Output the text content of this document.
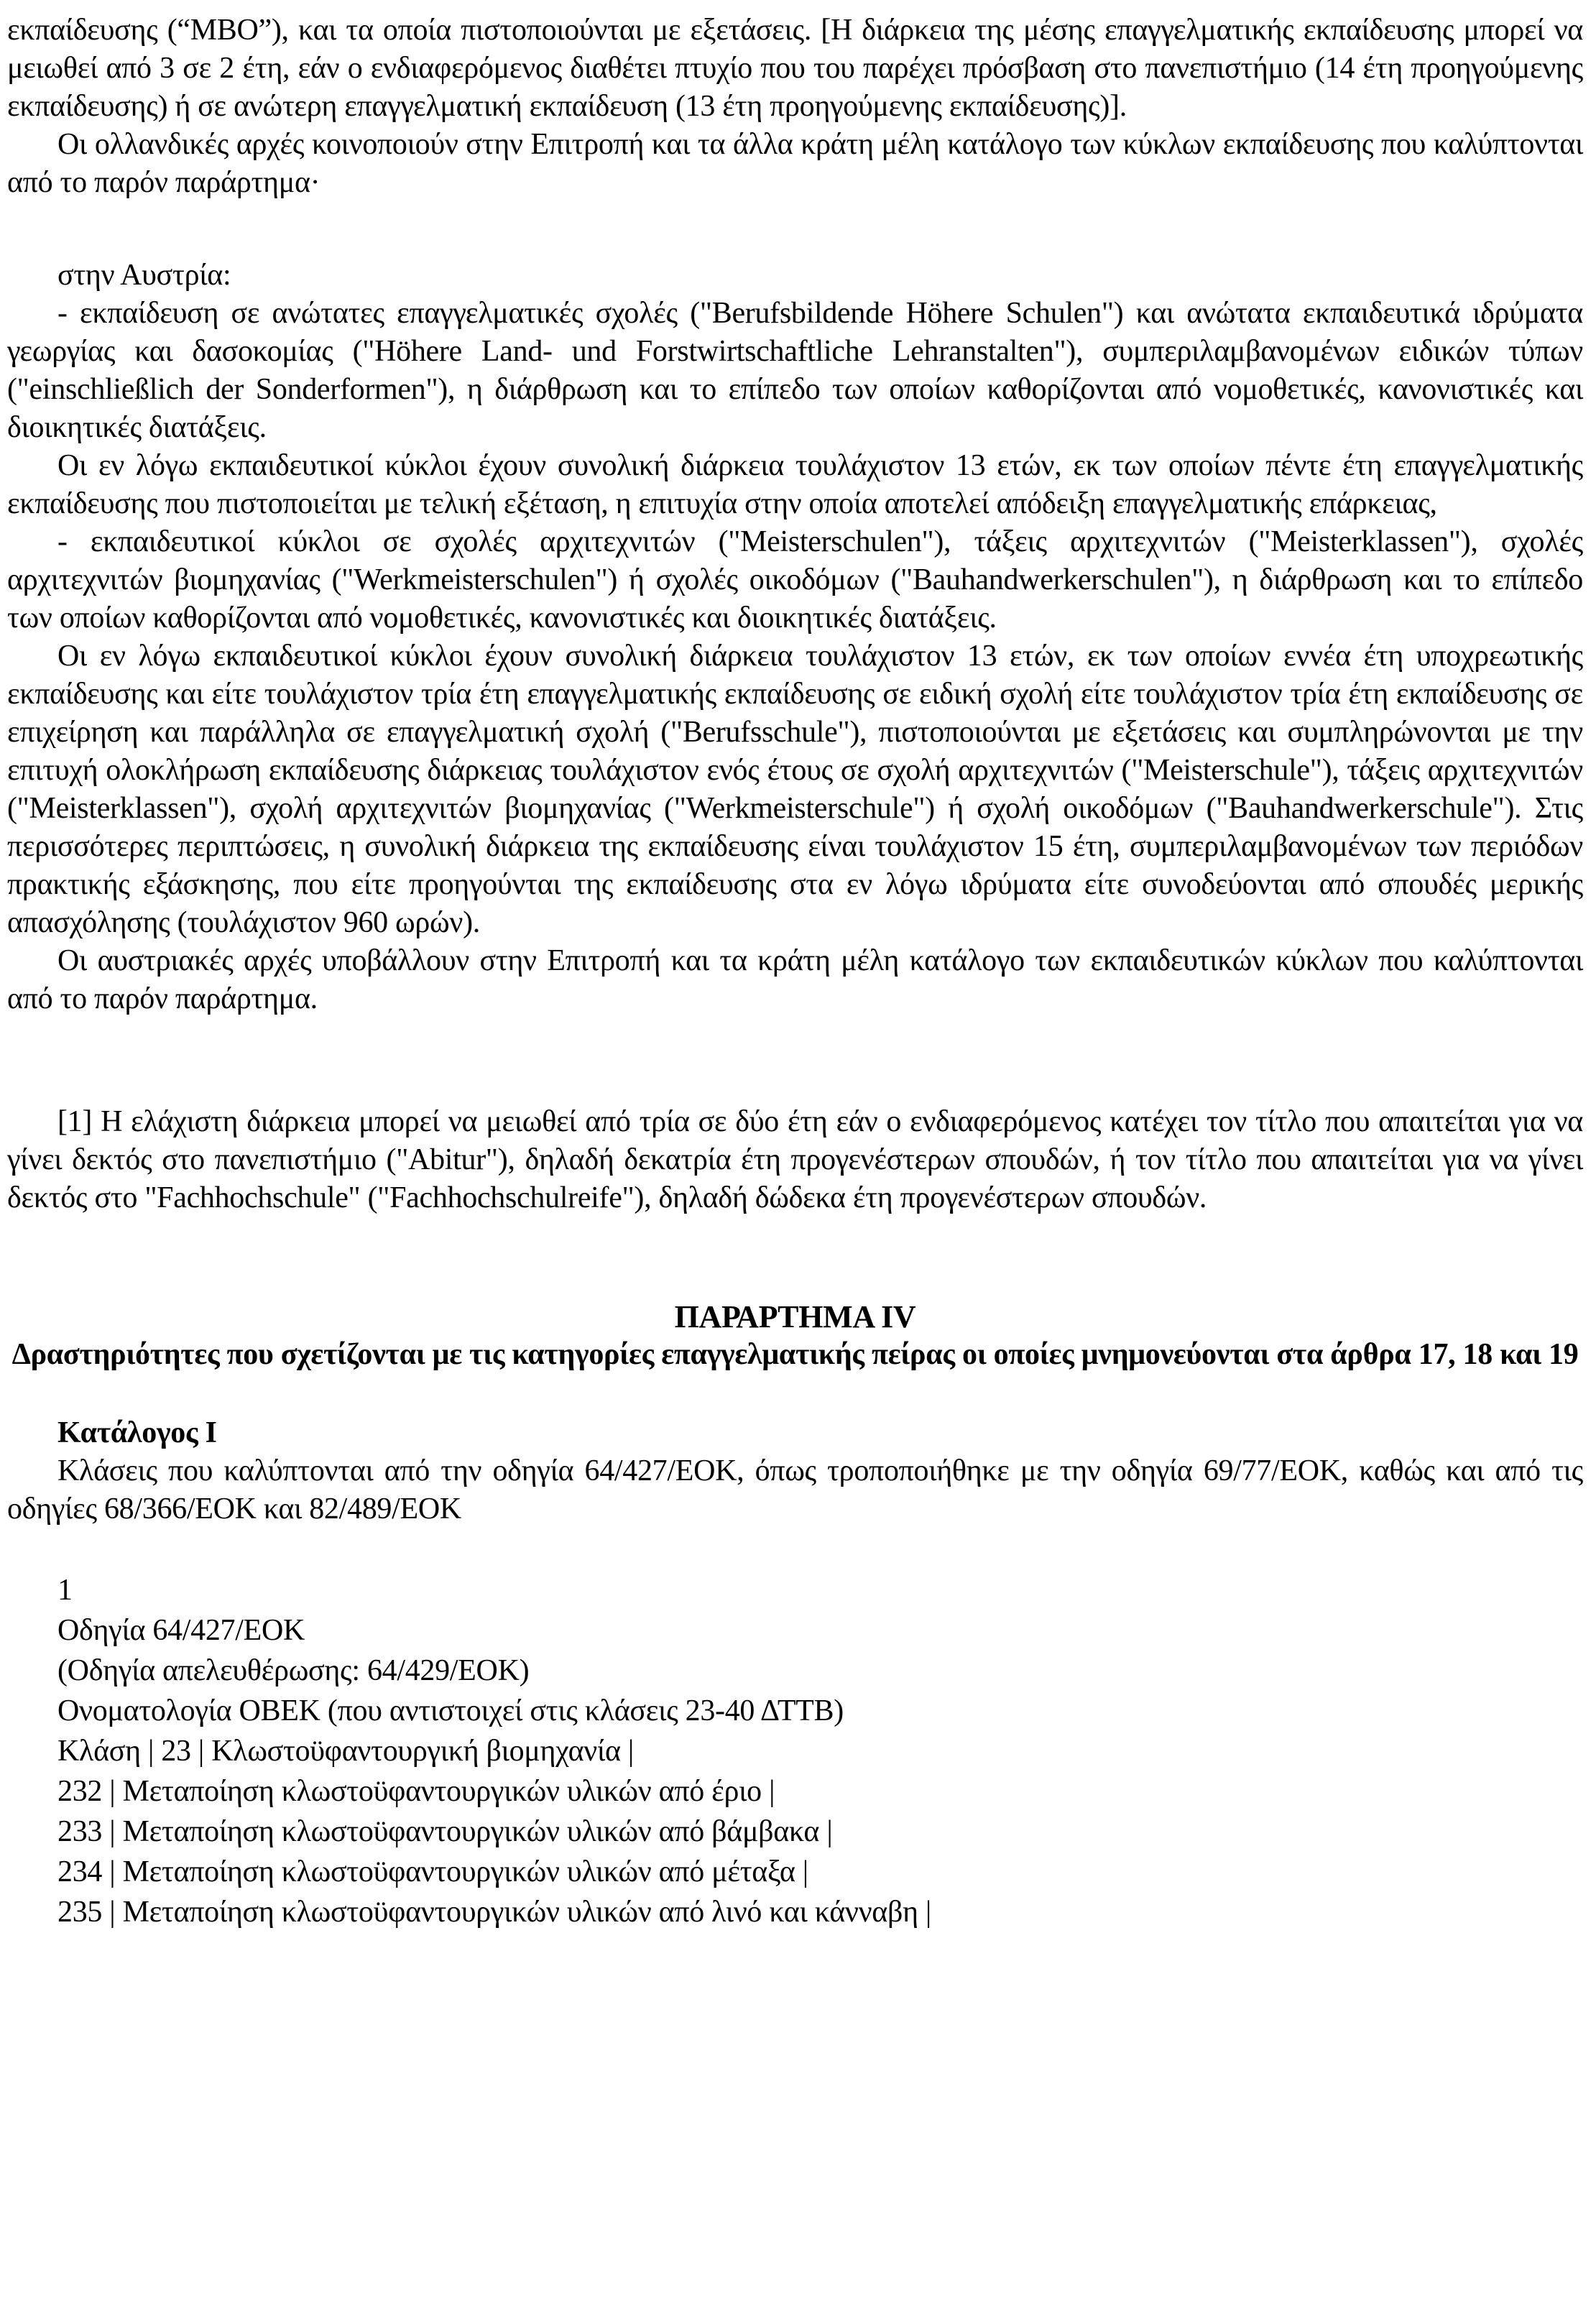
εκπαίδευσης (“MBO”), και τα οποία πιστοποιούνται με εξετάσεις. [Η διάρκεια της μέσης επαγγελματικής εκπαίδευσης μπορεί να μειωθεί από 3 σε 2 έτη, εάν ο ενδιαφερόμενος διαθέτει πτυχίο που του παρέχει πρόσβαση στο πανεπιστήμιο (14 έτη προηγούμενης εκπαίδευσης) ή σε ανώτερη επαγγελματική εκπαίδευση (13 έτη προηγούμενης εκπαίδευσης)].

Οι ολλανδικές αρχές κοινοποιούν στην Επιτροπή και τα άλλα κράτη μέλη κατάλογο των κύκλων εκπαίδευσης που καλύπτονται από το παρόν παράρτημα·

στην Αυστρία:

- εκπαίδευση σε ανώτατες επαγγελματικές σχολές ("Berufsbildende Höhere Schulen") και ανώτατα εκπαιδευτικά ιδρύματα γεωργίας και δασοκομίας ("Höhere Land- und Forstwirtschaftliche Lehranstalten"), συμπεριλαμβανομένων ειδικών τύπων ("einschließlich der Sonderformen"), η διάρθρωση και το επίπεδο των οποίων καθορίζονται από νομοθετικές, κανονιστικές και διοικητικές διατάξεις.

Οι εν λόγω εκπαιδευτικοί κύκλοι έχουν συνολική διάρκεια τουλάχιστον 13 ετών, εκ των οποίων πέντε έτη επαγγελματικής εκπαίδευσης που πιστοποιείται με τελική εξέταση, η επιτυχία στην οποία αποτελεί απόδειξη επαγγελματικής επάρκειας,

- εκπαιδευτικοί κύκλοι σε σχολές αρχιτεχνιτών ("Meisterschulen"), τάξεις αρχιτεχνιτών ("Meisterklassen"), σχολές αρχιτεχνιτών βιομηχανίας ("Werkmeisterschulen") ή σχολές οικοδόμων ("Bauhandwerkerschulen"), η διάρθρωση και το επίπεδο των οποίων καθορίζονται από νομοθετικές, κανονιστικές και διοικητικές διατάξεις.

Οι εν λόγω εκπαιδευτικοί κύκλοι έχουν συνολική διάρκεια τουλάχιστον 13 ετών, εκ των οποίων εννέα έτη υποχρεωτικής εκπαίδευσης και είτε τουλάχιστον τρία έτη επαγγελματικής εκπαίδευσης σε ειδική σχολή είτε τουλάχιστον τρία έτη εκπαίδευσης σε επιχείρηση και παράλληλα σε επαγγελματική σχολή ("Berufsschule"), πιστοποιούνται με εξετάσεις και συμπληρώνονται με την επιτυχή ολοκλήρωση εκπαίδευσης διάρκειας τουλάχιστον ενός έτους σε σχολή αρχιτεχνιτών ("Meisterschule"), τάξεις αρχιτεχνιτών ("Meisterklassen"), σχολή αρχιτεχνιτών βιομηχανίας ("Werkmeisterschule") ή σχολή οικοδόμων ("Bauhandwerkerschule"). Στις περισσότερες περιπτώσεις, η συνολική διάρκεια της εκπαίδευσης είναι τουλάχιστον 15 έτη, συμπεριλαμβανομένων των περιόδων πρακτικής εξάσκησης, που είτε προηγούνται της εκπαίδευσης στα εν λόγω ιδρύματα είτε συνοδεύονται από σπουδές μερικής απασχόλησης (τουλάχιστον 960 ωρών).

Οι αυστριακές αρχές υποβάλλουν στην Επιτροπή και τα κράτη μέλη κατάλογο των εκπαιδευτικών κύκλων που καλύπτονται από το παρόν παράρτημα.

[1] Η ελάχιστη διάρκεια μπορεί να μειωθεί από τρία σε δύο έτη εάν ο ενδιαφερόμενος κατέχει τον τίτλο που απαιτείται για να γίνει δεκτός στο πανεπιστήμιο ("Abitur"), δηλαδή δεκατρία έτη προγενέστερων σπουδών, ή τον τίτλο που απαιτείται για να γίνει δεκτός στο "Fachhochschule" ("Fachhochschulreife"), δηλαδή δώδεκα έτη προγενέστερων σπουδών.

ΠΑΡΑΡΤΗΜΑ IV

Δραστηριότητες που σχετίζονται με τις κατηγορίες επαγγελματικής πείρας οι οποίες μνημονεύονται στα άρθρα 17, 18 και 19

Κατάλογος I

Κλάσεις που καλύπτονται από την οδηγία 64/427/ΕΟΚ, όπως τροποποιήθηκε με την οδηγία 69/77/ΕΟΚ, καθώς και από τις οδηγίες 68/366/ΕΟΚ και 82/489/ΕΟΚ

1

Οδηγία 64/427/ΕΟΚ

(Οδηγία απελευθέρωσης: 64/429/ΕΟΚ)

Ονοματολογία ΟΒΕΚ (που αντιστοιχεί στις κλάσεις 23-40 ΔΤΤΒ)

Κλάση | 23 | Κλωστοϋφαντουργική βιομηχανία |

232 | Μεταποίηση κλωστοϋφαντουργικών υλικών από έριο |

233 | Μεταποίηση κλωστοϋφαντουργικών υλικών από βάμβακα |

234 | Μεταποίηση κλωστοϋφαντουργικών υλικών από μέταξα |

235 | Μεταποίηση κλωστοϋφαντουργικών υλικών από λινό και κάνναβη |
